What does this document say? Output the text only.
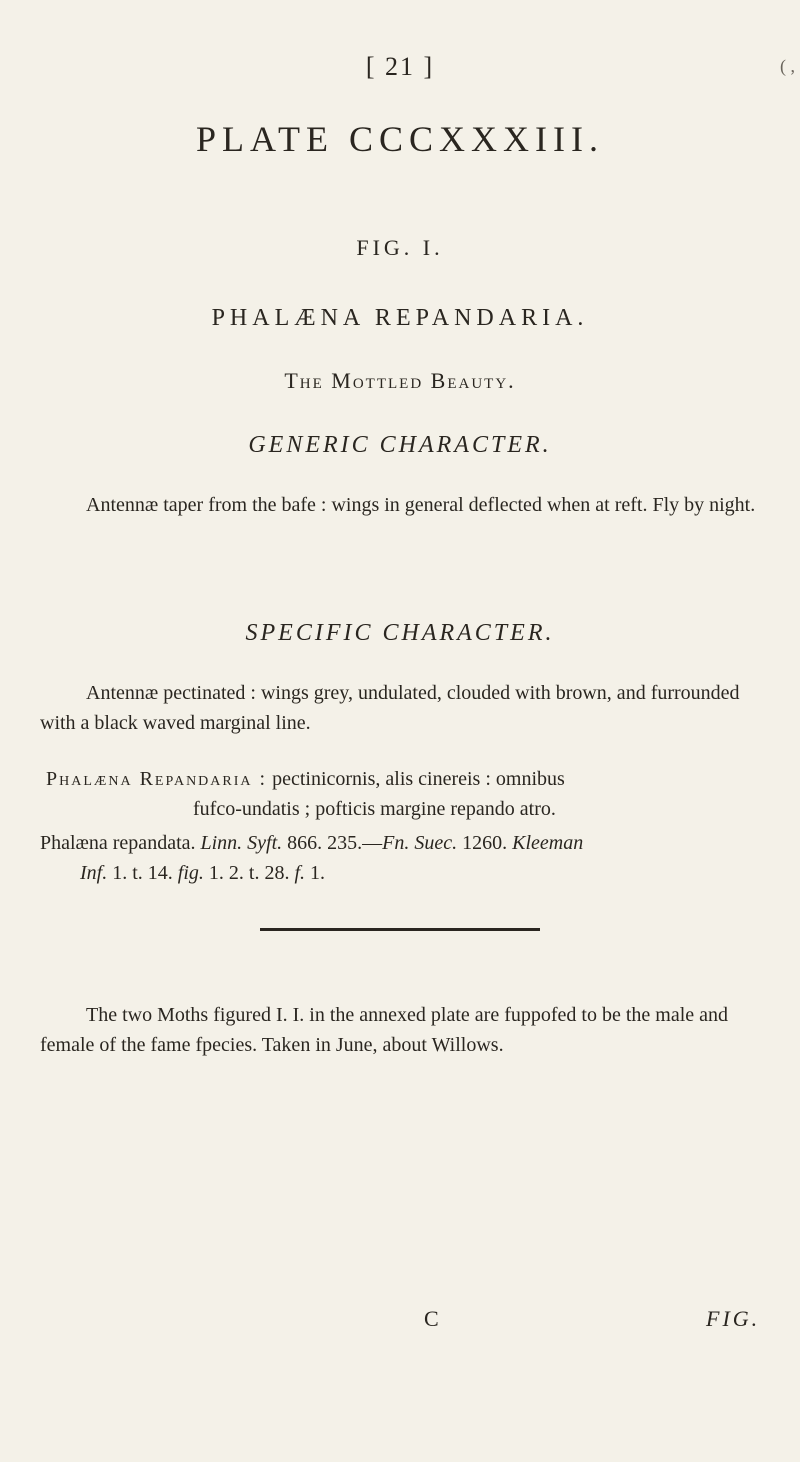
[ 21 ]	( ,
PLATE CCCXXXIII.
FIG. I.
PHALÆNA REPANDARIA.
The Mottled Beauty.
GENERIC CHARACTER.
Antennæ taper from the bafe : wings in general deflected when at reft. Fly by night.
SPECIFIC CHARACTER.
Antennæ pectinated : wings grey, undulated, clouded with brown, and furrounded with a black waved marginal line.
Phalæna Repandaria : pectinicornis, alis cinereis : omnibus
fufco-undatis ; pofticis margine repando atro.
Phalæna repandata. Linn. Syft. 866. 235.—Fn. Suec. 1260. Kleeman
Inf. 1. t. 14. fig. 1. 2. t. 28. f. 1.
The two Moths figured I. I. in the annexed plate are fuppofed to be the male and female of the fame fpecies. Taken in June, about Willows.
C	FIG.
